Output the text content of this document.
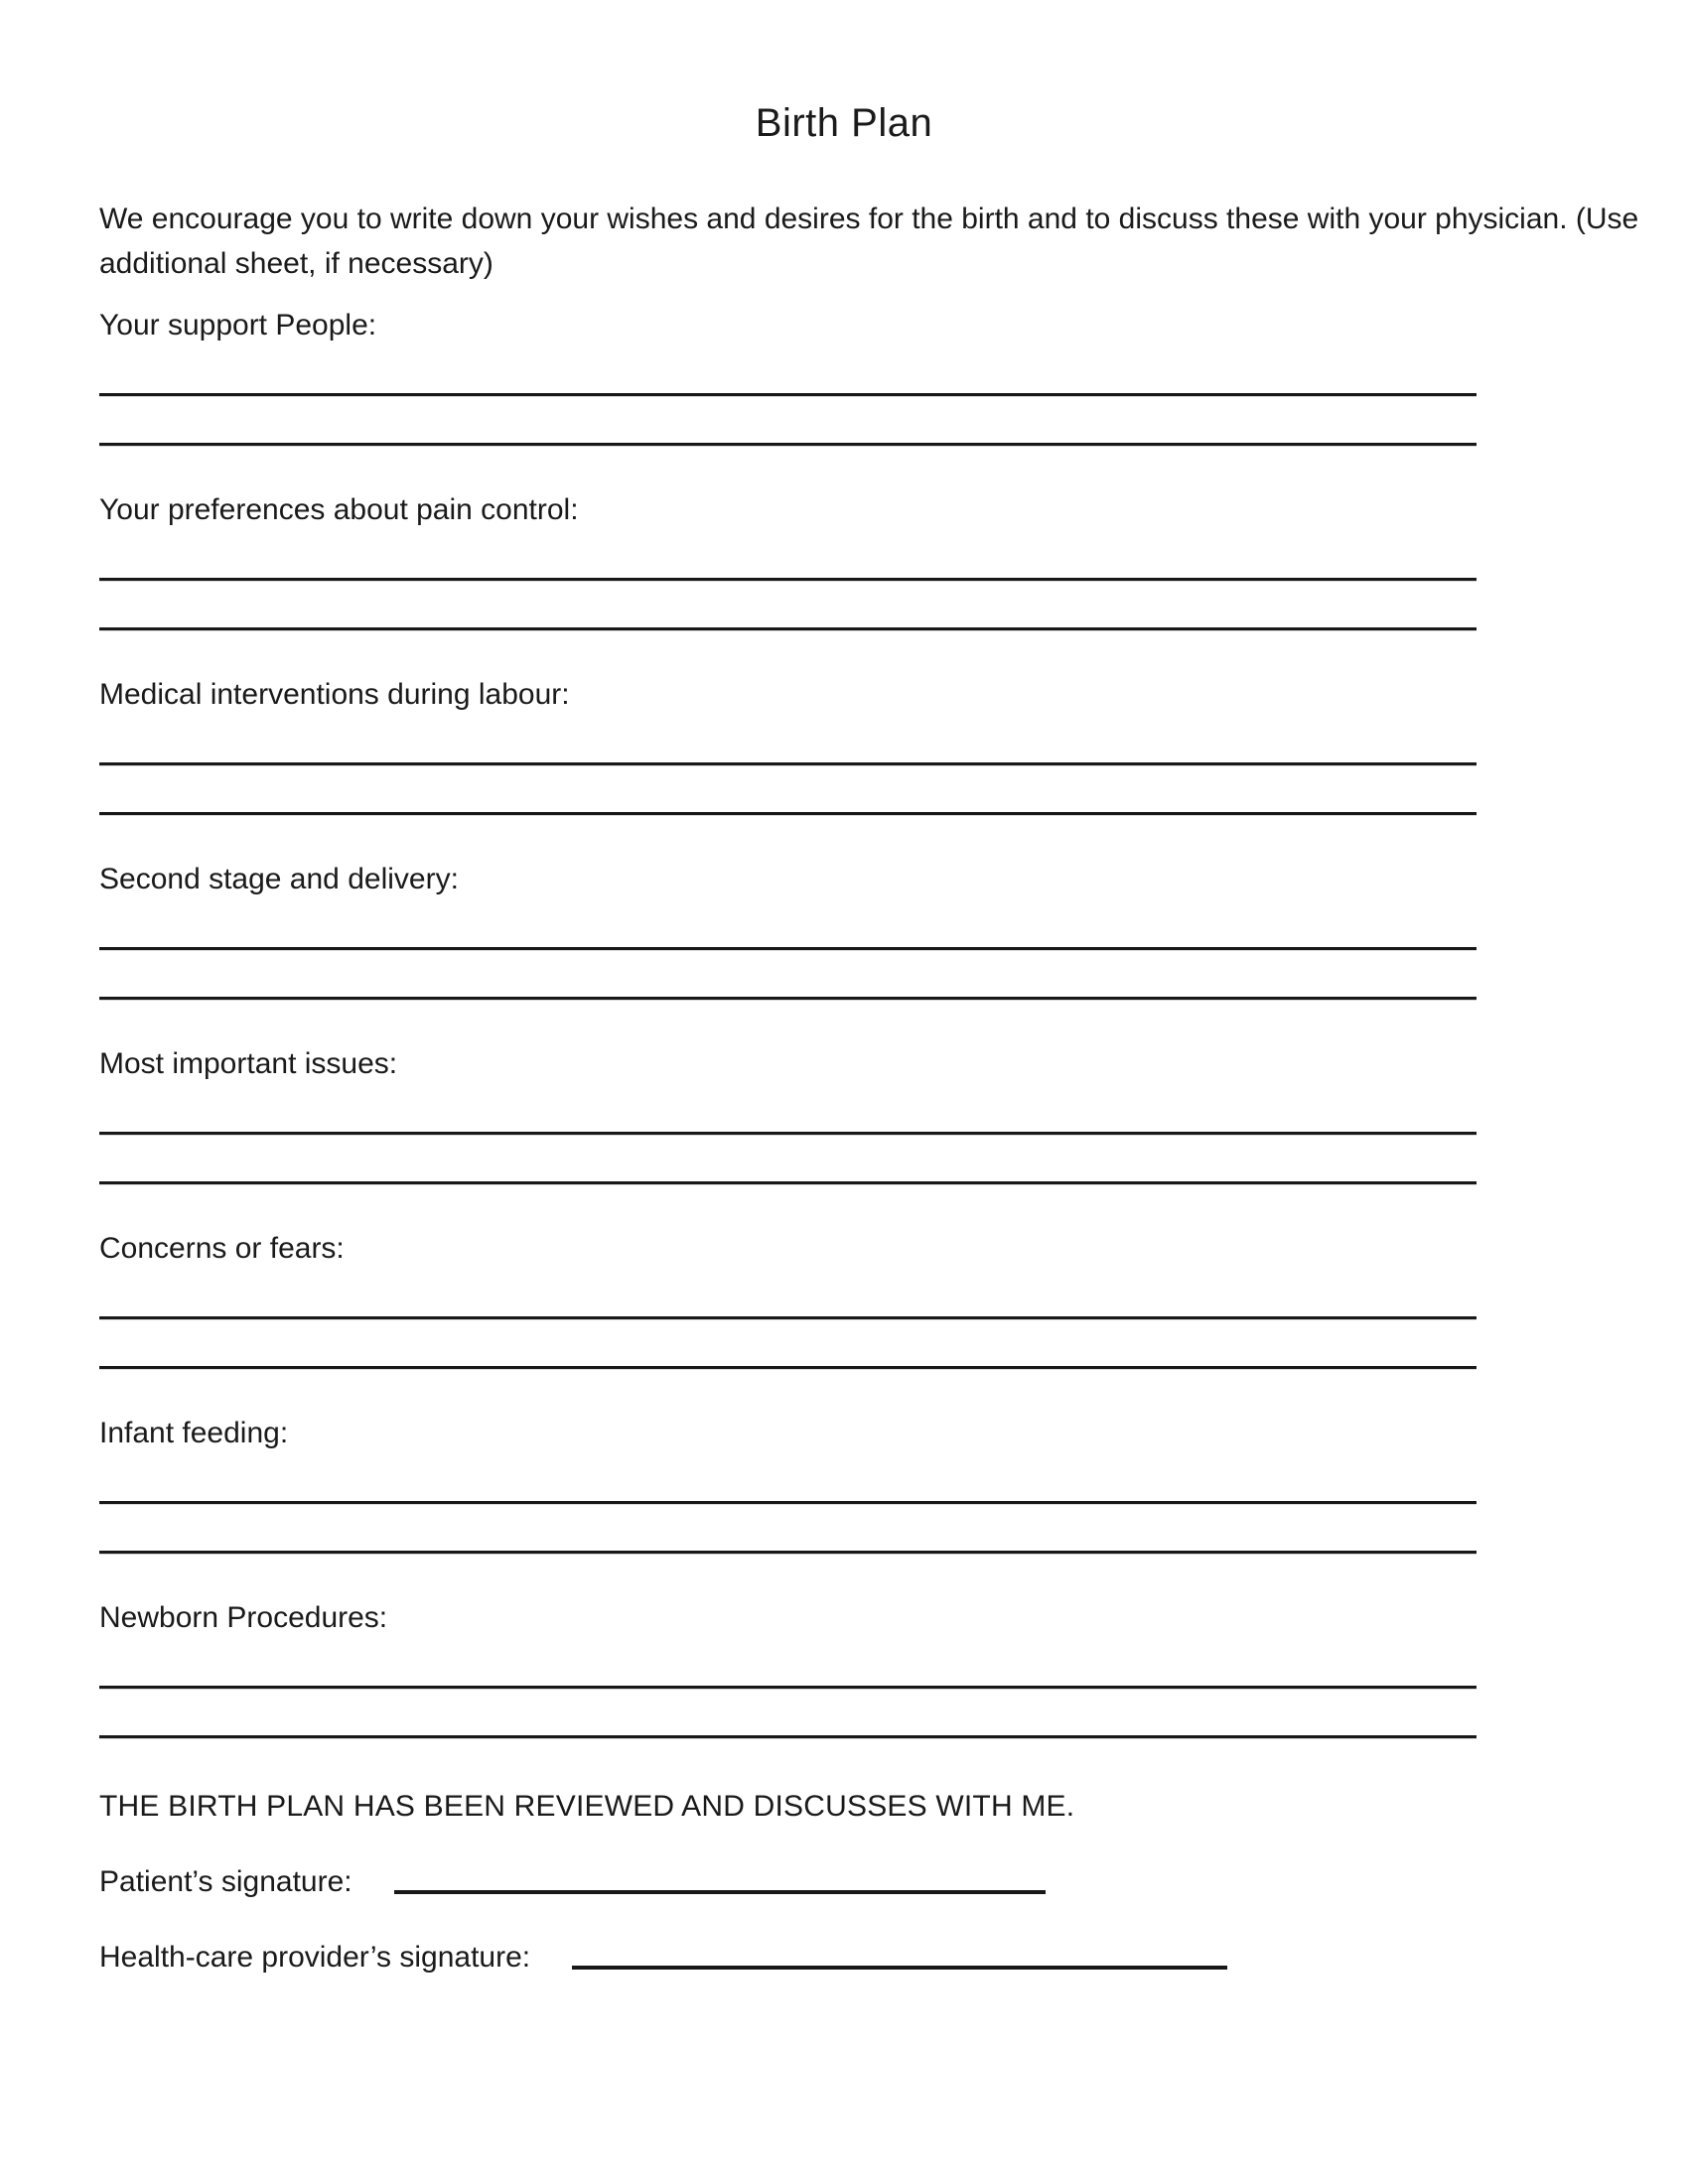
Birth Plan

We encourage you to write down your wishes and desires for the birth and to discuss these with your physician. (Use additional sheet, if necessary)

Your support People:
Your preferences about pain control:
Medical interventions during labour:
Second stage and delivery:
Most important issues:
Concerns or fears:
Infant feeding:
Newborn Procedures:
THE BIRTH PLAN HAS BEEN REVIEWED AND DISCUSSES WITH ME.
Patient’s signature:
Health-care provider’s signature:
